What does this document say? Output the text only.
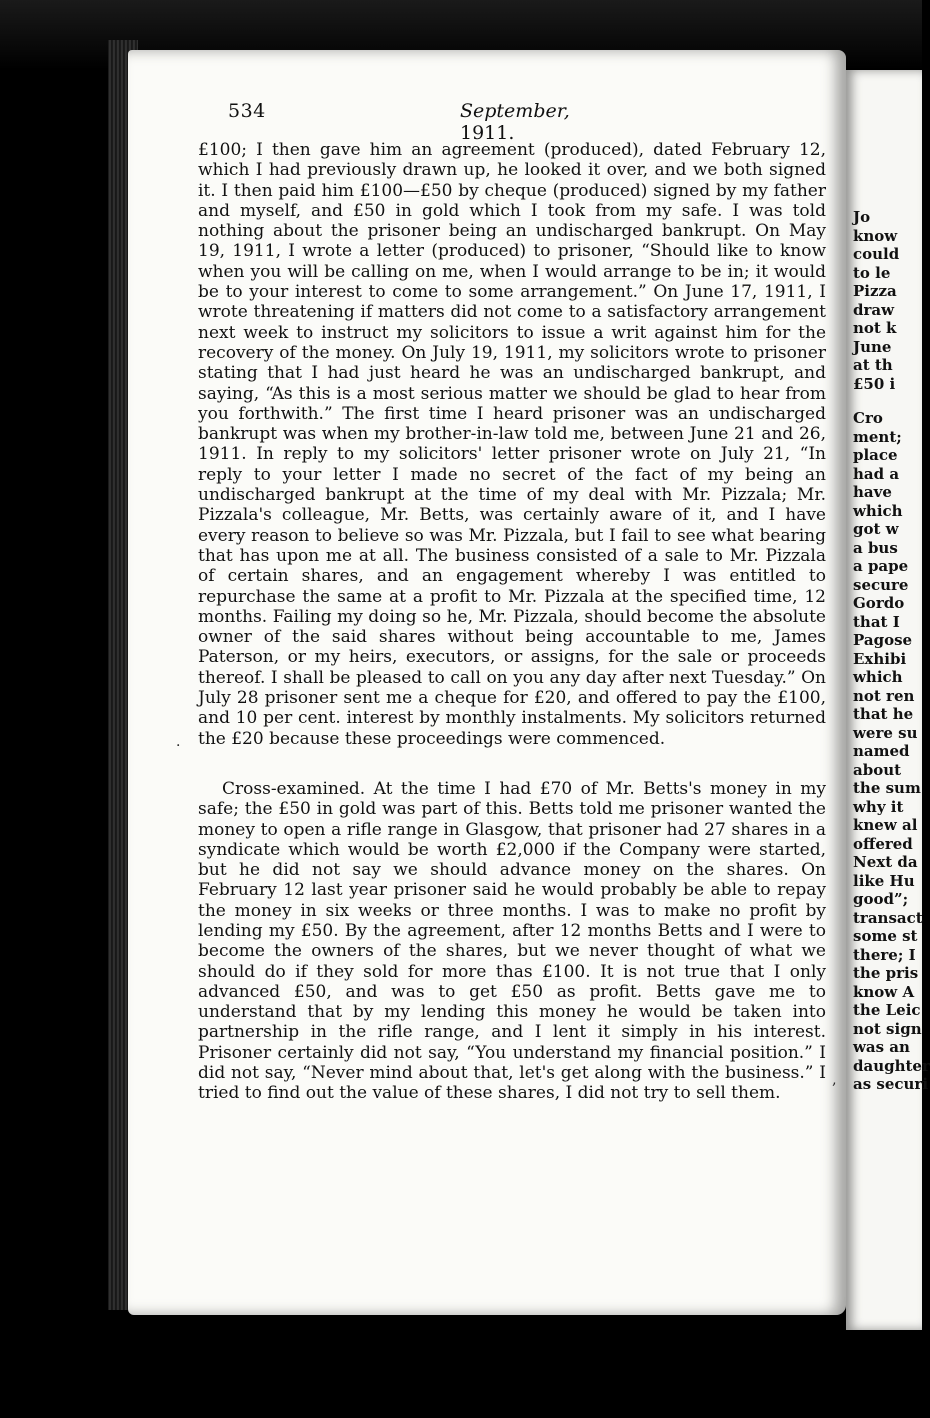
534	September, 1911.

£100; I then gave him an agreement (produced), dated February 12, which I had previously drawn up, he looked it over, and we both signed it. I then paid him £100—£50 by cheque (produced) signed by my father and myself, and £50 in gold which I took from my safe. I was told nothing about the prisoner being an undischarged bankrupt. On May 19, 1911, I wrote a letter (produced) to prisoner, “Should like to know when you will be calling on me, when I would arrange to be in; it would be to your interest to come to some arrangement.” On June 17, 1911, I wrote threatening if matters did not come to a satisfactory arrangement next week to instruct my solicitors to issue a writ against him for the recovery of the money. On July 19, 1911, my solicitors wrote to prisoner stating that I had just heard he was an undischarged bankrupt, and saying, “As this is a most serious matter we should be glad to hear from you forthwith.” The first time I heard prisoner was an undischarged bankrupt was when my brother-in-law told me, between June 21 and 26, 1911. In reply to my solicitors' letter prisoner wrote on July 21, “In reply to your letter I made no secret of the fact of my being an undischarged bankrupt at the time of my deal with Mr. Pizzala; Mr. Pizzala's colleague, Mr. Betts, was certainly aware of it, and I have every reason to believe so was Mr. Pizzala, but I fail to see what bearing that has upon me at all. The business consisted of a sale to Mr. Pizzala of certain shares, and an engagement whereby I was entitled to repurchase the same at a profit to Mr. Pizzala at the specified time, 12 months. Failing my doing so he, Mr. Pizzala, should become the absolute owner of the said shares without being accountable to me, James Paterson, or my heirs, executors, or assigns, for the sale or proceeds thereof. I shall be pleased to call on you any day after next Tuesday.” On July 28 prisoner sent me a cheque for £20, and offered to pay the £100, and 10 per cent. interest by monthly instalments. My solicitors returned the £20 because these proceedings were commenced.

Cross-examined. At the time I had £70 of Mr. Betts's money in my safe; the £50 in gold was part of this. Betts told me prisoner wanted the money to open a rifle range in Glasgow, that prisoner had 27 shares in a syndicate which would be worth £2,000 if the Company were started, but he did not say we should advance money on the shares. On February 12 last year prisoner said he would probably be able to repay the money in six weeks or three months. I was to make no profit by lending my £50. By the agreement, after 12 months Betts and I were to become the owners of the shares, but we never thought of what we should do if they sold for more thas £100. It is not true that I only advanced £50, and was to get £50 as profit. Betts gave me to understand that by my lending this money he would be taken into partnership in the rifle range, and I lent it simply in his interest. Prisoner certainly did not say, “You understand my financial position.” I did not say, “Never mind about that, let's get along with the business.” I tried to find out the value of these shares, I did not try to sell them.

·
‚
Jo
know
could
to le
Pizza
draw
not k
June
at th
£50 i
Cro
ment;
place
had a
have
which
got w
a bus
a pape
secure
Gordo
that I
Pagose
Exhibi
which
not ren
that he
were su
named
about
the sum
why it
knew al
offered
Next da
like Hu
good”;
transact
some st
there; I
the pris
know A
the Leic
not sign
was an
daughter
as securi
